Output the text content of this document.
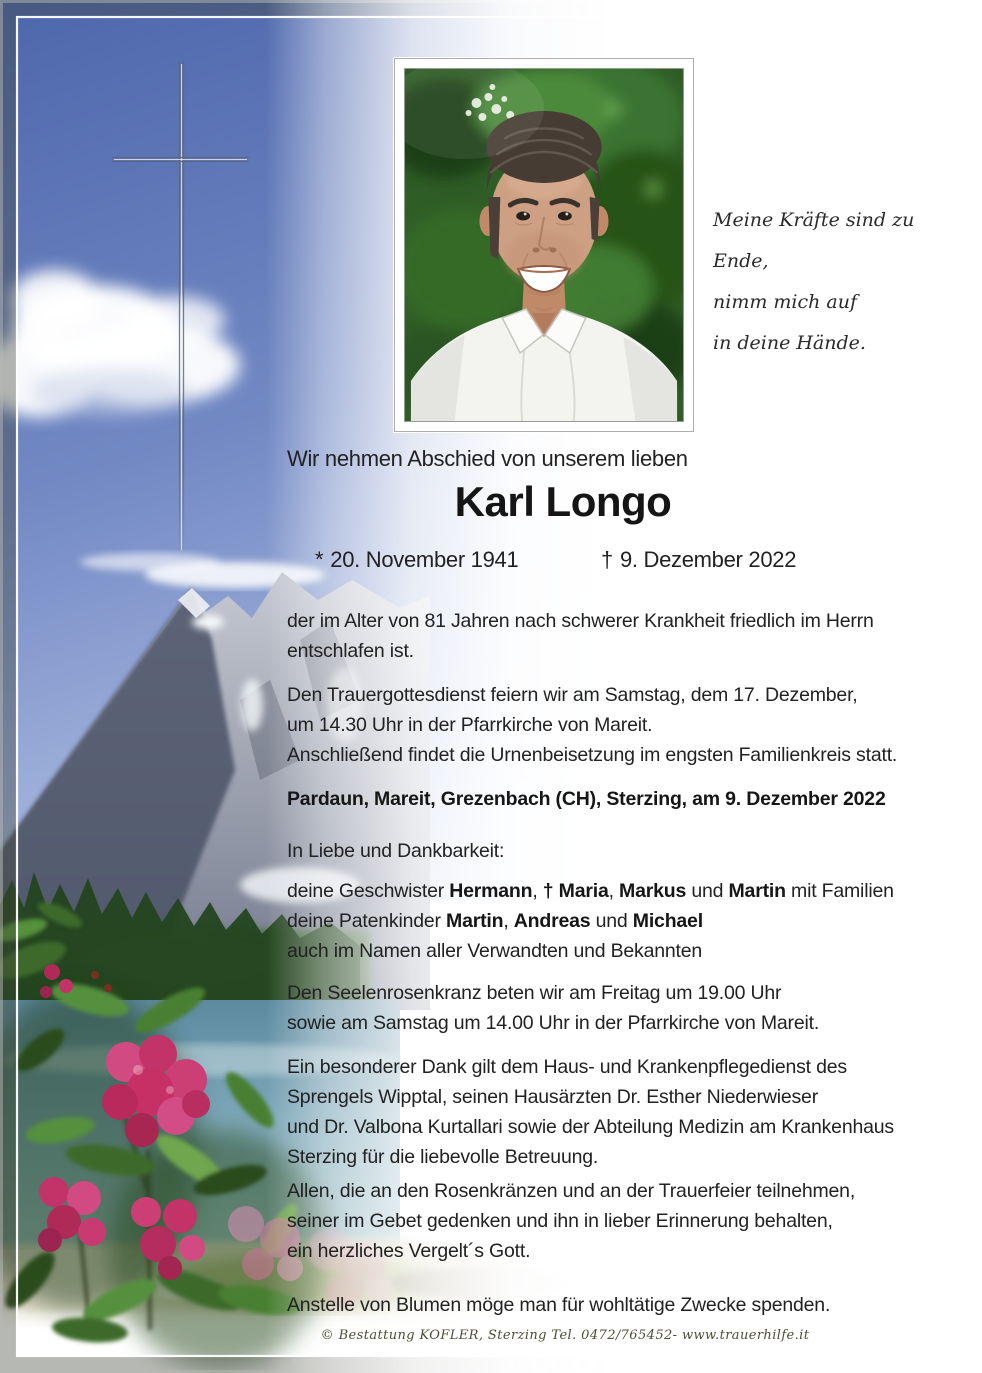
Meine Kräfte sind zu Ende,
nimm mich auf
in deine Hände.

Wir nehmen Abschied von unserem lieben

Karl Longo

* 20. November 1941	† 9. Dezember 2022

der im Alter von 81 Jahren nach schwerer Krankheit friedlich im Herrn
entschlafen ist.

Den Trauergottesdienst feiern wir am Samstag, dem 17. Dezember,
um 14.30 Uhr in der Pfarrkirche von Mareit.
Anschließend findet die Urnenbeisetzung im engsten Familienkreis statt.

Pardaun, Mareit, Grezenbach (CH), Sterzing, am 9. Dezember 2022

In Liebe und Dankbarkeit:

deine Geschwister Hermann, † Maria, Markus und Martin mit Familien
deine Patenkinder Martin, Andreas und Michael
auch im Namen aller Verwandten und Bekannten

Den Seelenrosenkranz beten wir am Freitag um 19.00 Uhr
sowie am Samstag um 14.00 Uhr in der Pfarrkirche von Mareit.

Ein besonderer Dank gilt dem Haus- und Krankenpflegedienst des
Sprengels Wipptal, seinen Hausärzten Dr. Esther Niederwieser
und Dr. Valbona Kurtallari sowie der Abteilung Medizin am Krankenhaus
Sterzing für die liebevolle Betreuung.

Allen, die an den Rosenkränzen und an der Trauerfeier teilnehmen,
seiner im Gebet gedenken und ihn in lieber Erinnerung behalten,
ein herzliches Vergelt´s Gott.

Anstelle von Blumen möge man für wohltätige Zwecke spenden.

© Bestattung KOFLER, Sterzing Tel. 0472/765452- www.trauerhilfe.it
